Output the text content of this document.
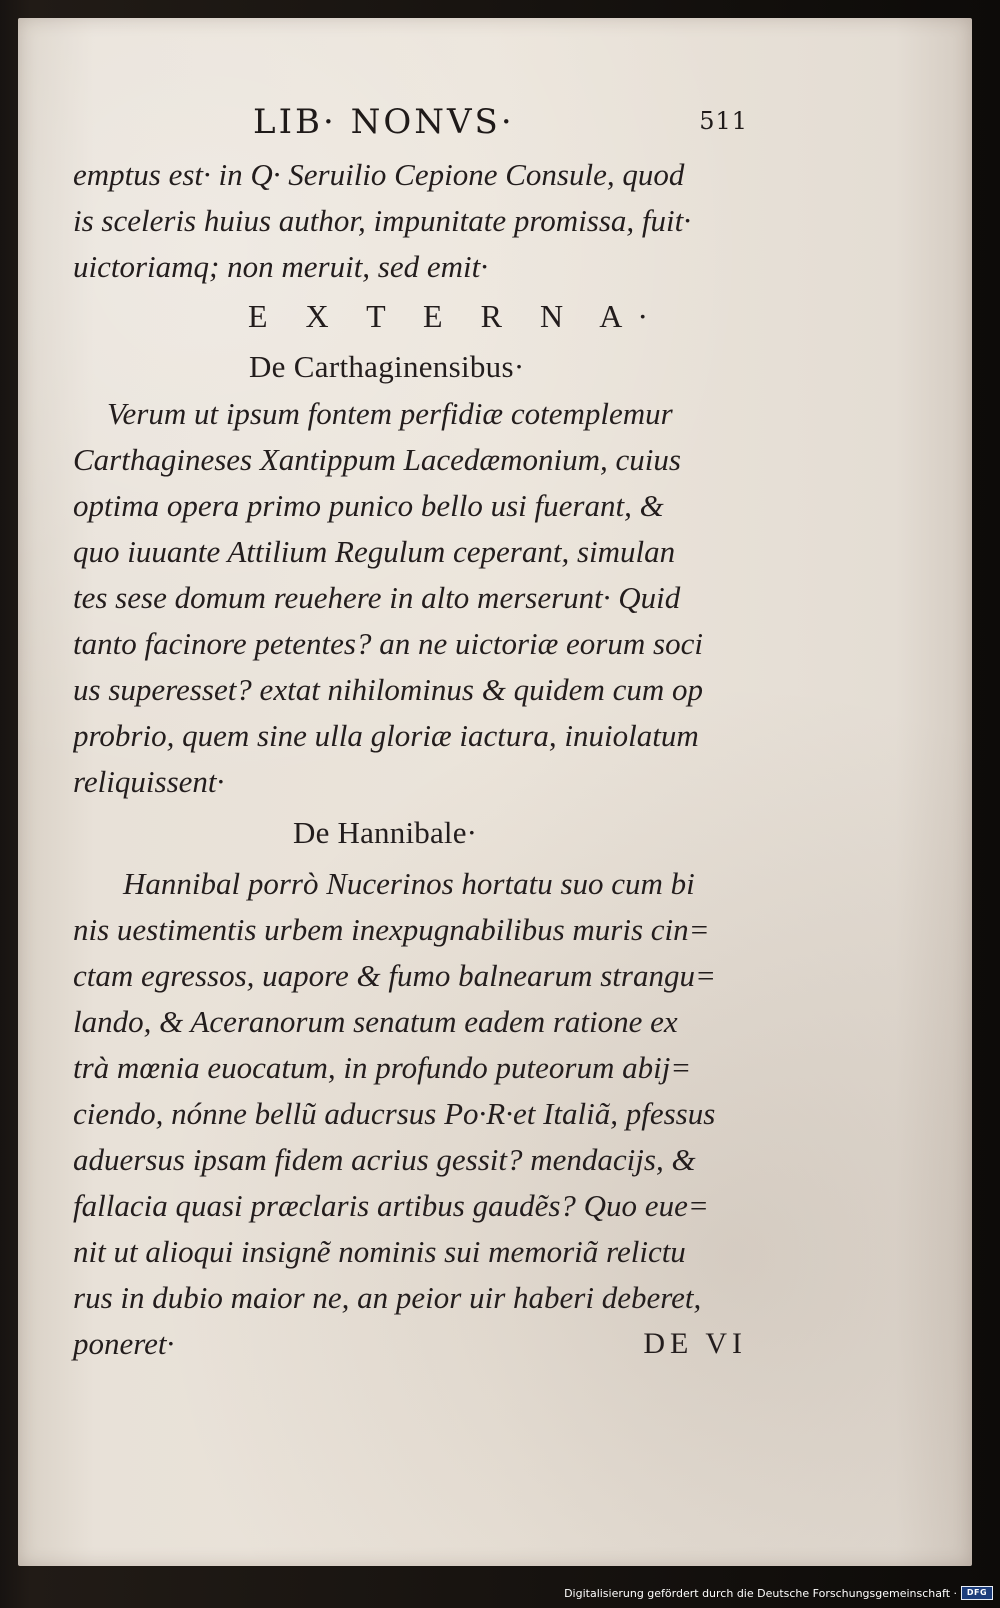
LIB· NONVS·	511
emptus est· in Q· Seruilio Cepione Consule, quod
is sceleris huius author, impunitate promissa, fuit·
uictoriamq; non meruit, sed emit·
E X T E R N A·
De Carthaginensibus·
Verum ut ipsum fontem perfidiæ cotemplemur
Carthagineses Xantippum Lacedæmonium, cuius
optima opera primo punico bello usi fuerant, &
quo iuuante Attilium Regulum ceperant, simulan
tes sese domum reuehere in alto merserunt· Quid
tanto facinore petentes? an ne uictoriæ eorum soci
us superesset? extat nihilominus & quidem cum op
probrio, quem sine ulla gloriæ iactura, inuiolatum
reliquissent·
De Hannibale·
Hannibal porrò Nucerinos hortatu suo cum bi
nis uestimentis urbem inexpugnabilibus muris cin=
ctam egressos, uapore & fumo balnearum strangu=
lando, & Aceranorum senatum eadem ratione ex
trà mœnia euocatum, in profundo puteorum abij=
ciendo, nónne bellũ aducrsus Po·R·et Italiã, pfessus
aduersus ipsam fidem acrius gessit? mendacijs, &
fallacia quasi præclaris artibus gaudẽs? Quo eue=
nit ut alioqui insignẽ nominis sui memoriã relictu
rus in dubio maior ne, an peior uir haberi deberet,
poneret·	DE VI
Digitalisierung gefördert durch die Deutsche Forschungsgemeinschaft ·	DFG
